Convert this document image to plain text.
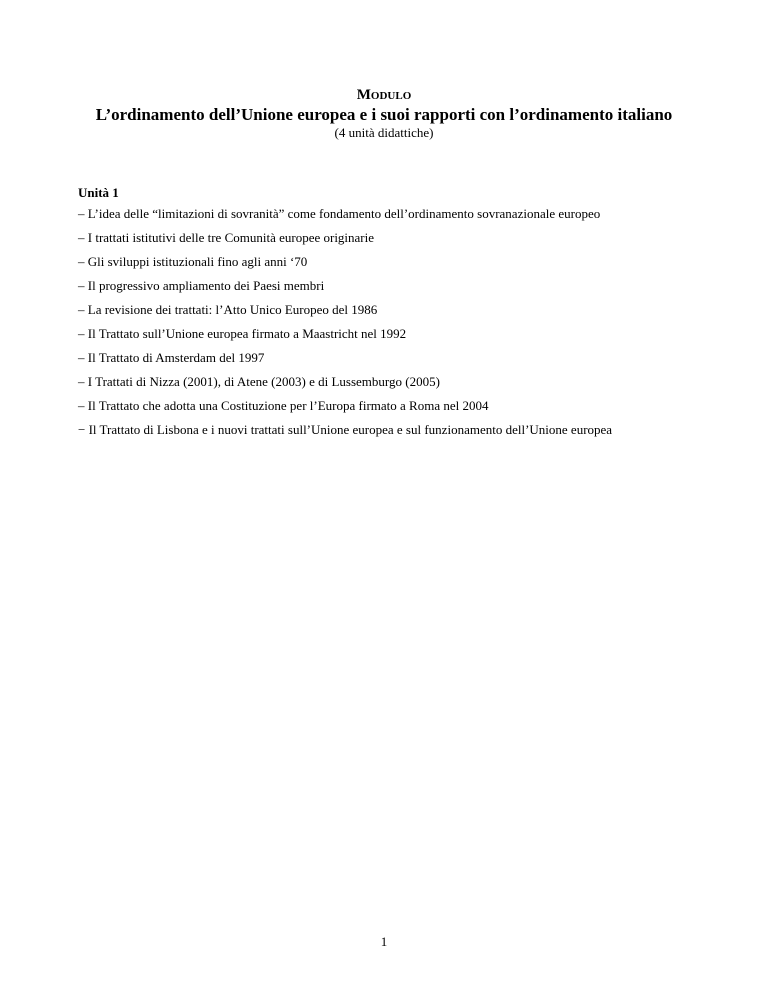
Modulo

L’ordinamento dell’Unione europea e i suoi rapporti con l’ordinamento italiano

(4 unità didattiche)

Unità 1

– L’idea delle “limitazioni di sovranità” come fondamento dell’ordinamento sovranazionale europeo
– I trattati istitutivi delle tre Comunità europee originarie
– Gli sviluppi istituzionali fino agli anni ‘70
– Il progressivo ampliamento dei Paesi membri
– La revisione dei trattati: l’Atto Unico Europeo del 1986
– Il Trattato sull’Unione europea firmato a Maastricht nel 1992
– Il Trattato di Amsterdam del 1997
– I Trattati di Nizza (2001), di Atene (2003) e di Lussemburgo (2005)
– Il Trattato che adotta una Costituzione per l’Europa firmato a Roma nel 2004
− Il Trattato di Lisbona e i nuovi trattati sull’Unione europea e sul funzionamento dell’Unione europea
1
